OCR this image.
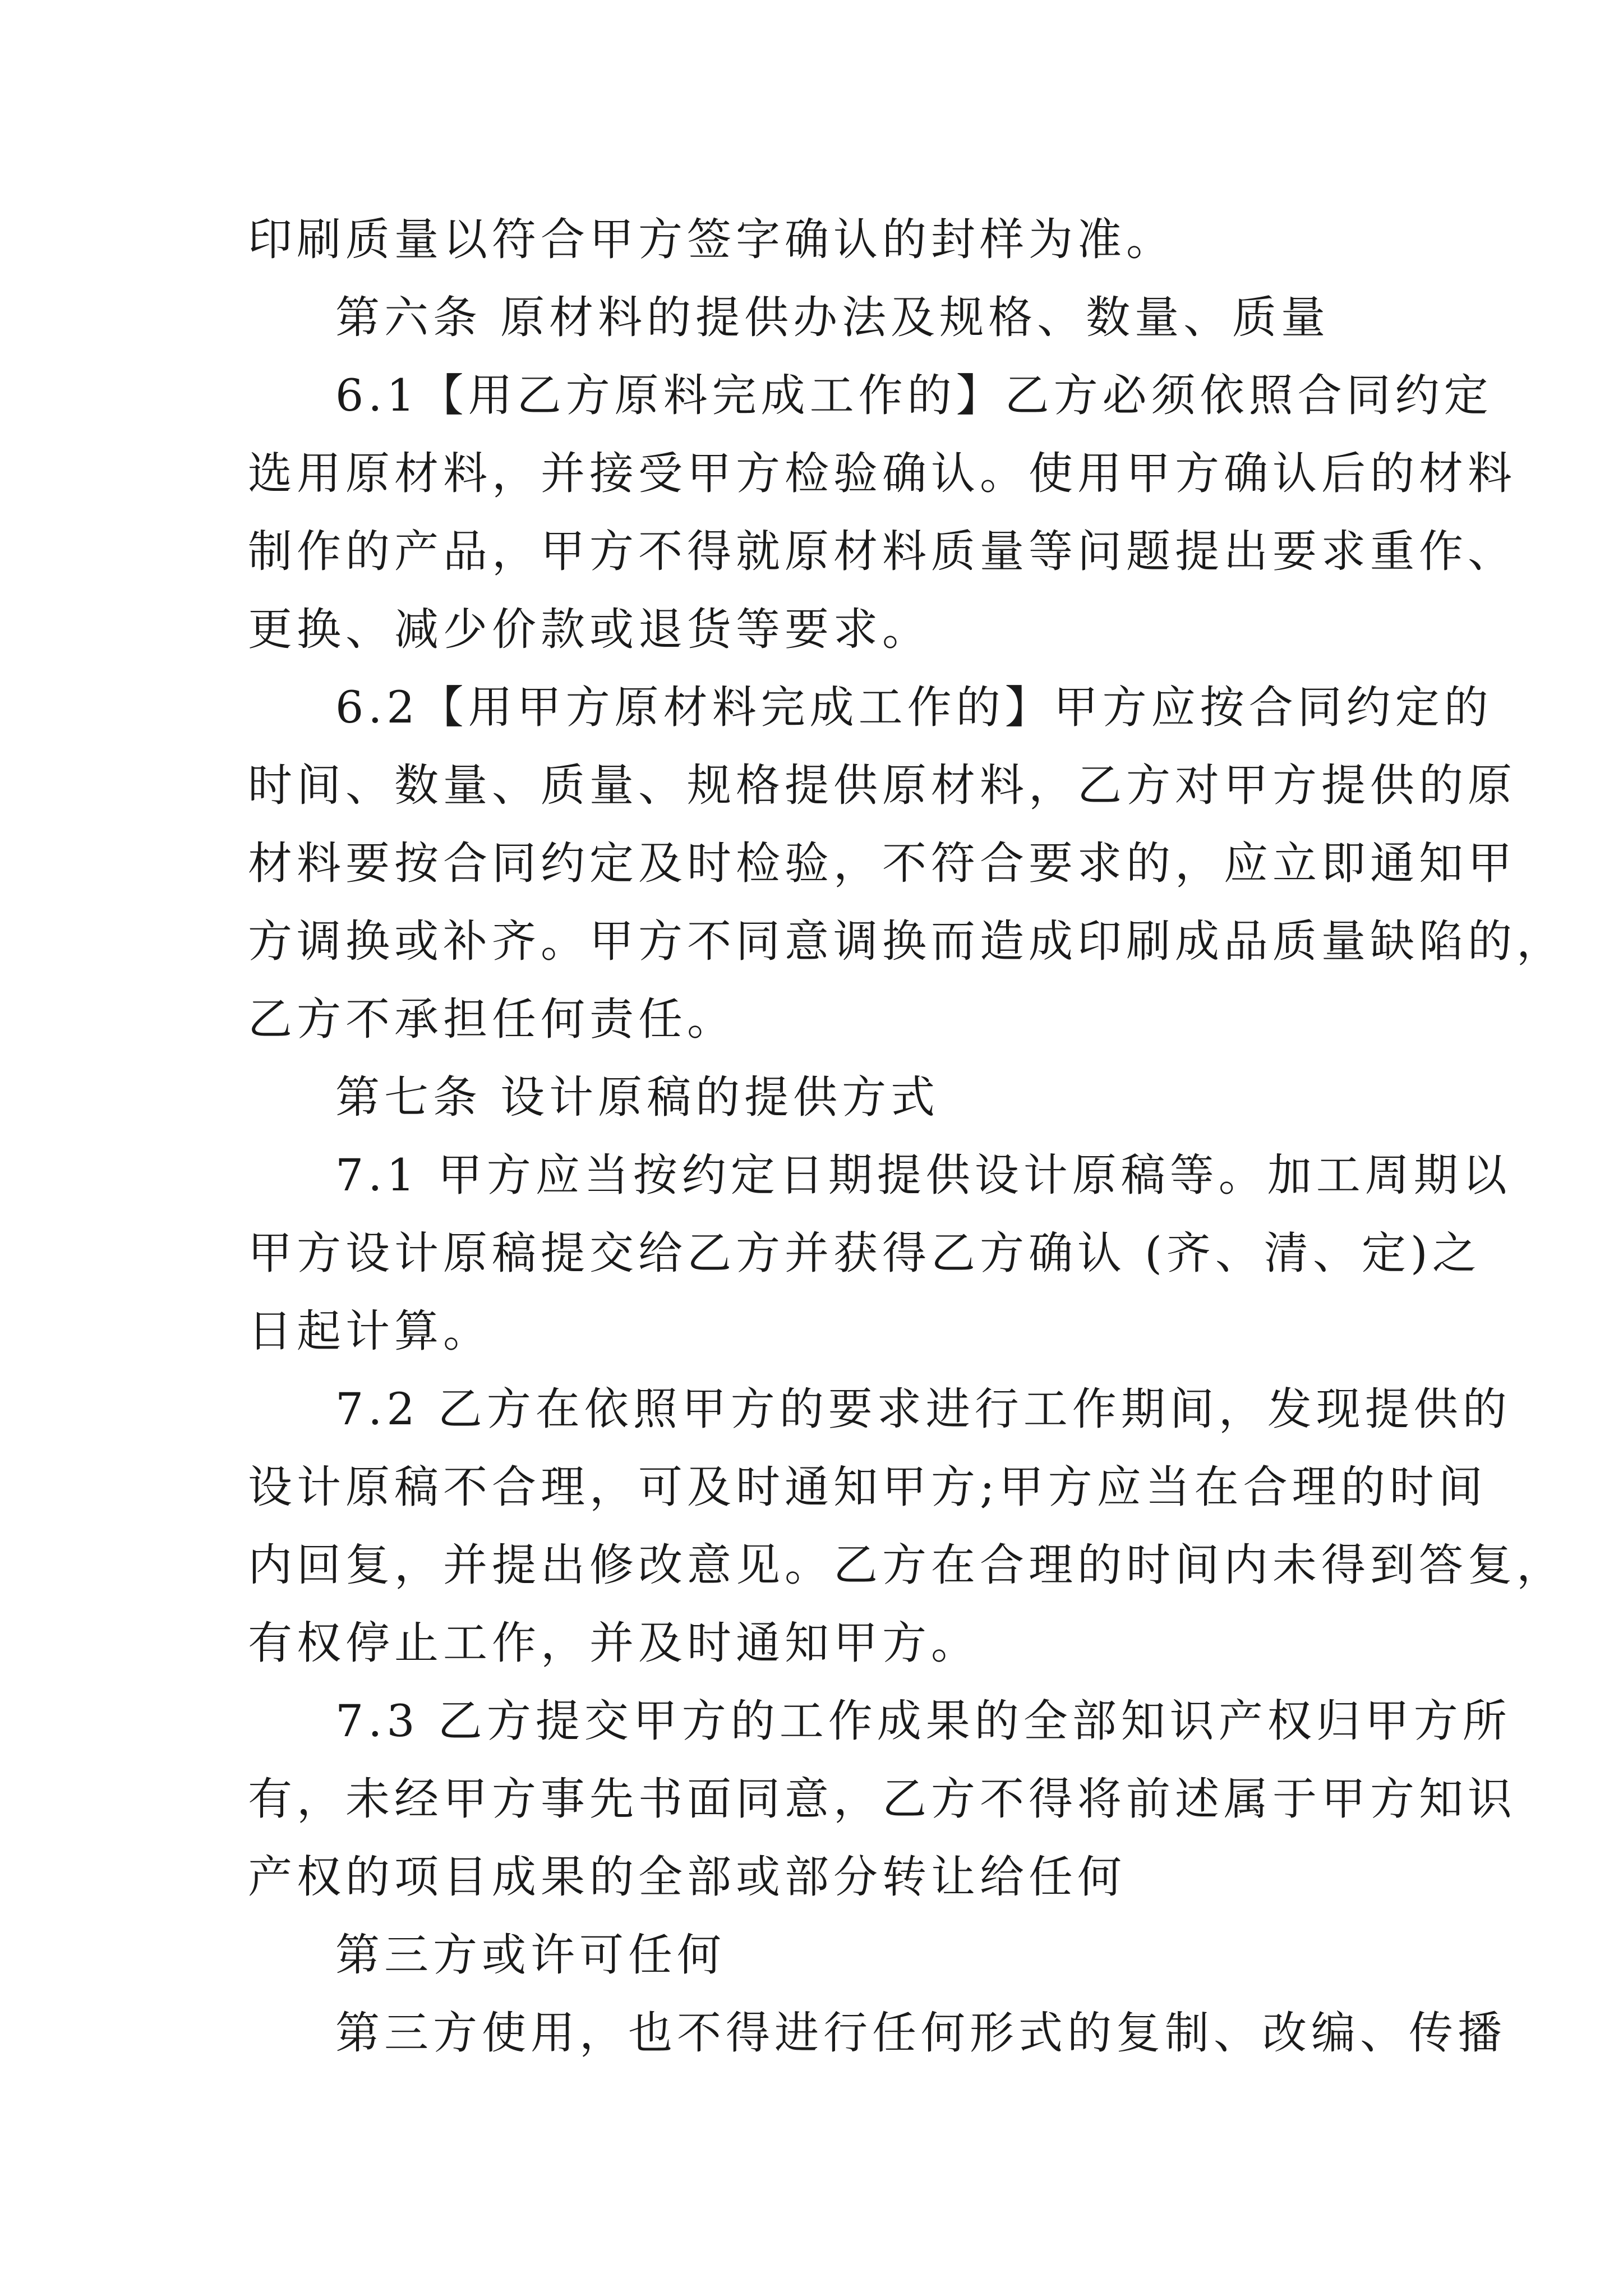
印刷质量以符合甲方签字确认的封样为准。
第六条 原材料的提供办法及规格、数量、质量
6.1【用乙方原料完成工作的】乙方必须依照合同约定
选用原材料，并接受甲方检验确认。使用甲方确认后的材料
制作的产品，甲方不得就原材料质量等问题提出要求重作、
更换、减少价款或退货等要求。
6.2【用甲方原材料完成工作的】甲方应按合同约定的
时间、数量、质量、规格提供原材料，乙方对甲方提供的原
材料要按合同约定及时检验，不符合要求的，应立即通知甲
方调换或补齐。甲方不同意调换而造成印刷成品质量缺陷的，
乙方不承担任何责任。
第七条 设计原稿的提供方式
7.1 甲方应当按约定日期提供设计原稿等。加工周期以
甲方设计原稿提交给乙方并获得乙方确认 (齐、清、定)之
日起计算。
7.2 乙方在依照甲方的要求进行工作期间，发现提供的
设计原稿不合理，可及时通知甲方;甲方应当在合理的时间
内回复，并提出修改意见。乙方在合理的时间内未得到答复，
有权停止工作，并及时通知甲方。
7.3 乙方提交甲方的工作成果的全部知识产权归甲方所
有，未经甲方事先书面同意，乙方不得将前述属于甲方知识
产权的项目成果的全部或部分转让给任何
第三方或许可任何
第三方使用，也不得进行任何形式的复制、改编、传播
